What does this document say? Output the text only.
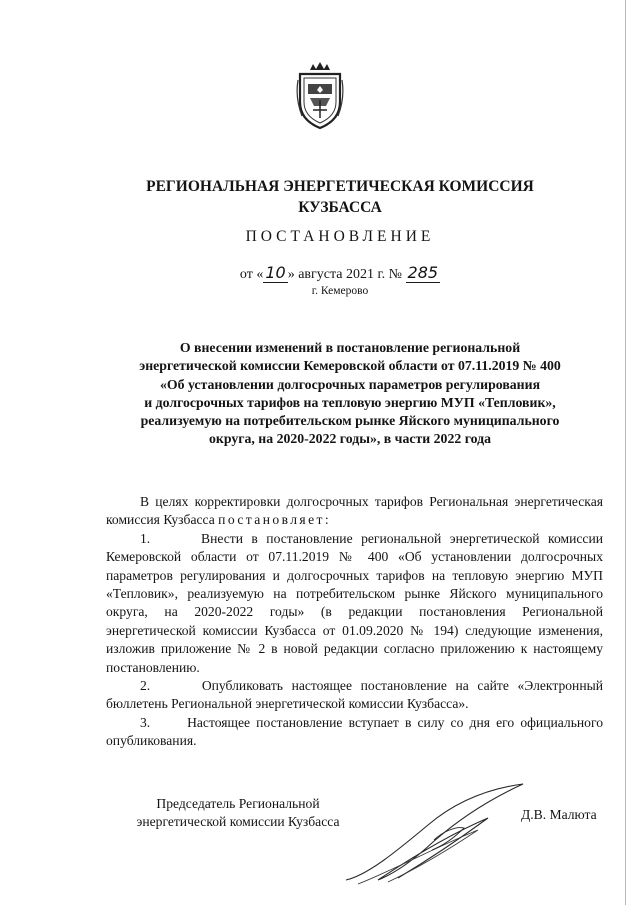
РЕГИОНАЛЬНАЯ ЭНЕРГЕТИЧЕСКАЯ КОМИССИЯ
КУЗБАССА
ПОСТАНОВЛЕНИЕ
от « 10 » августа 2021 г. № 285
г. Кемерово
О внесении изменений в постановление региональной
энергетической комиссии Кемеровской области от 07.11.2019 № 400
«Об установлении долгосрочных параметров регулирования
и долгосрочных тарифов на тепловую энергию МУП «Тепловик»,
реализуемую на потребительском рынке Яйского муниципального
округа, на 2020-2022 годы», в части 2022 года

В целях корректировки долгосрочных тарифов Региональная энергетическая комиссия Кузбасса постановляет:

1.	Внести в постановление региональной энергетической комиссии Кемеровской области от 07.11.2019 № 400 «Об установлении долгосрочных параметров регулирования и долгосрочных тарифов на тепловую энергию МУП «Тепловик», реализуемую на потребительском рынке Яйского муниципального округа, на 2020-2022 годы» (в редакции постановления Региональной энергетической комиссии Кузбасса от 01.09.2020 № 194) следующие изменения, изложив приложение № 2 в новой редакции согласно приложению к настоящему постановлению.

2.	Опубликовать настоящее постановление на сайте «Электронный бюллетень Региональной энергетической комиссии Кузбасса».

3.	Настоящее постановление вступает в силу со дня его официального опубликования.

Председатель Региональной
энергетической комиссии Кузбасса	Д.В. Малюта
